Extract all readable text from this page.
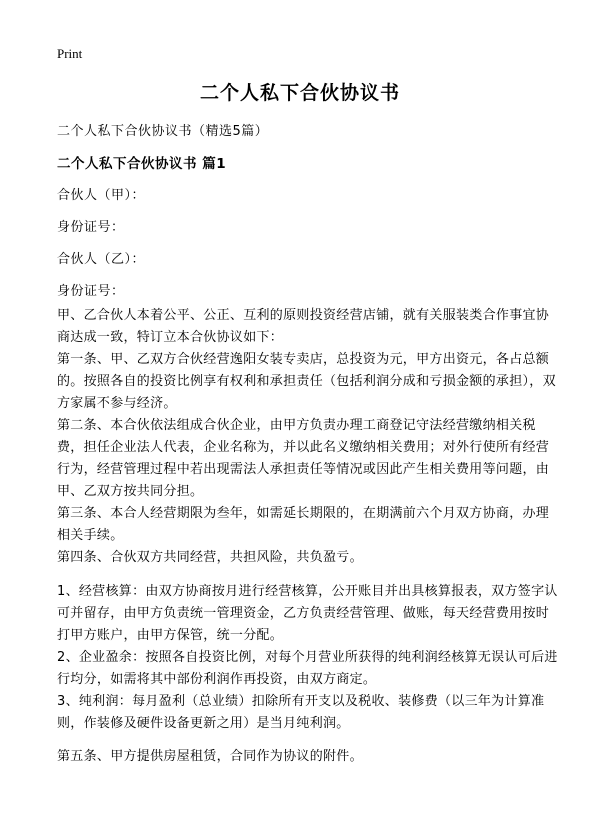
Print
二个人私下合伙协议书

二个人私下合伙协议书（精选5篇）

二个人私下合伙协议书 篇1

合伙人（甲）：

身份证号：

合伙人（乙）：

身份证号：

甲、乙合伙人本着公平、公正、互利的原则投资经营店铺，就有关服装类合作事宜协商达成一致，特订立本合伙协议如下：

第一条、甲、乙双方合伙经营逸阳女装专卖店，总投资为元，甲方出资元，各占总额的。按照各自的投资比例享有权利和承担责任（包括利润分成和亏损金额的承担），双方家属不参与经济。

第二条、本合伙依法组成合伙企业，由甲方负责办理工商登记守法经营缴纳相关税费，担任企业法人代表，企业名称为，并以此名义缴纳相关费用；对外行使所有经营行为，经营管理过程中若出现需法人承担责任等情况或因此产生相关费用等问题，由甲、乙双方按共同分担。

第三条、本合人经营期限为叁年，如需延长期限的，在期满前六个月双方协商，办理相关手续。

第四条、合伙双方共同经营，共担风险，共负盈亏。

1、经营核算：由双方协商按月进行经营核算，公开账目并出具核算报表，双方签字认可并留存，由甲方负责统一管理资金，乙方负责经营管理、做账，每天经营费用按时打甲方账户，由甲方保管，统一分配。

2、企业盈余：按照各自投资比例，对每个月营业所获得的纯利润经核算无误认可后进行均分，如需将其中部份利润作再投资，由双方商定。

3、纯利润：每月盈利（总业绩）扣除所有开支以及税收、装修费（以三年为计算准则，作装修及硬件设备更新之用）是当月纯利润。

第五条、甲方提供房屋租赁，合同作为协议的附件。
